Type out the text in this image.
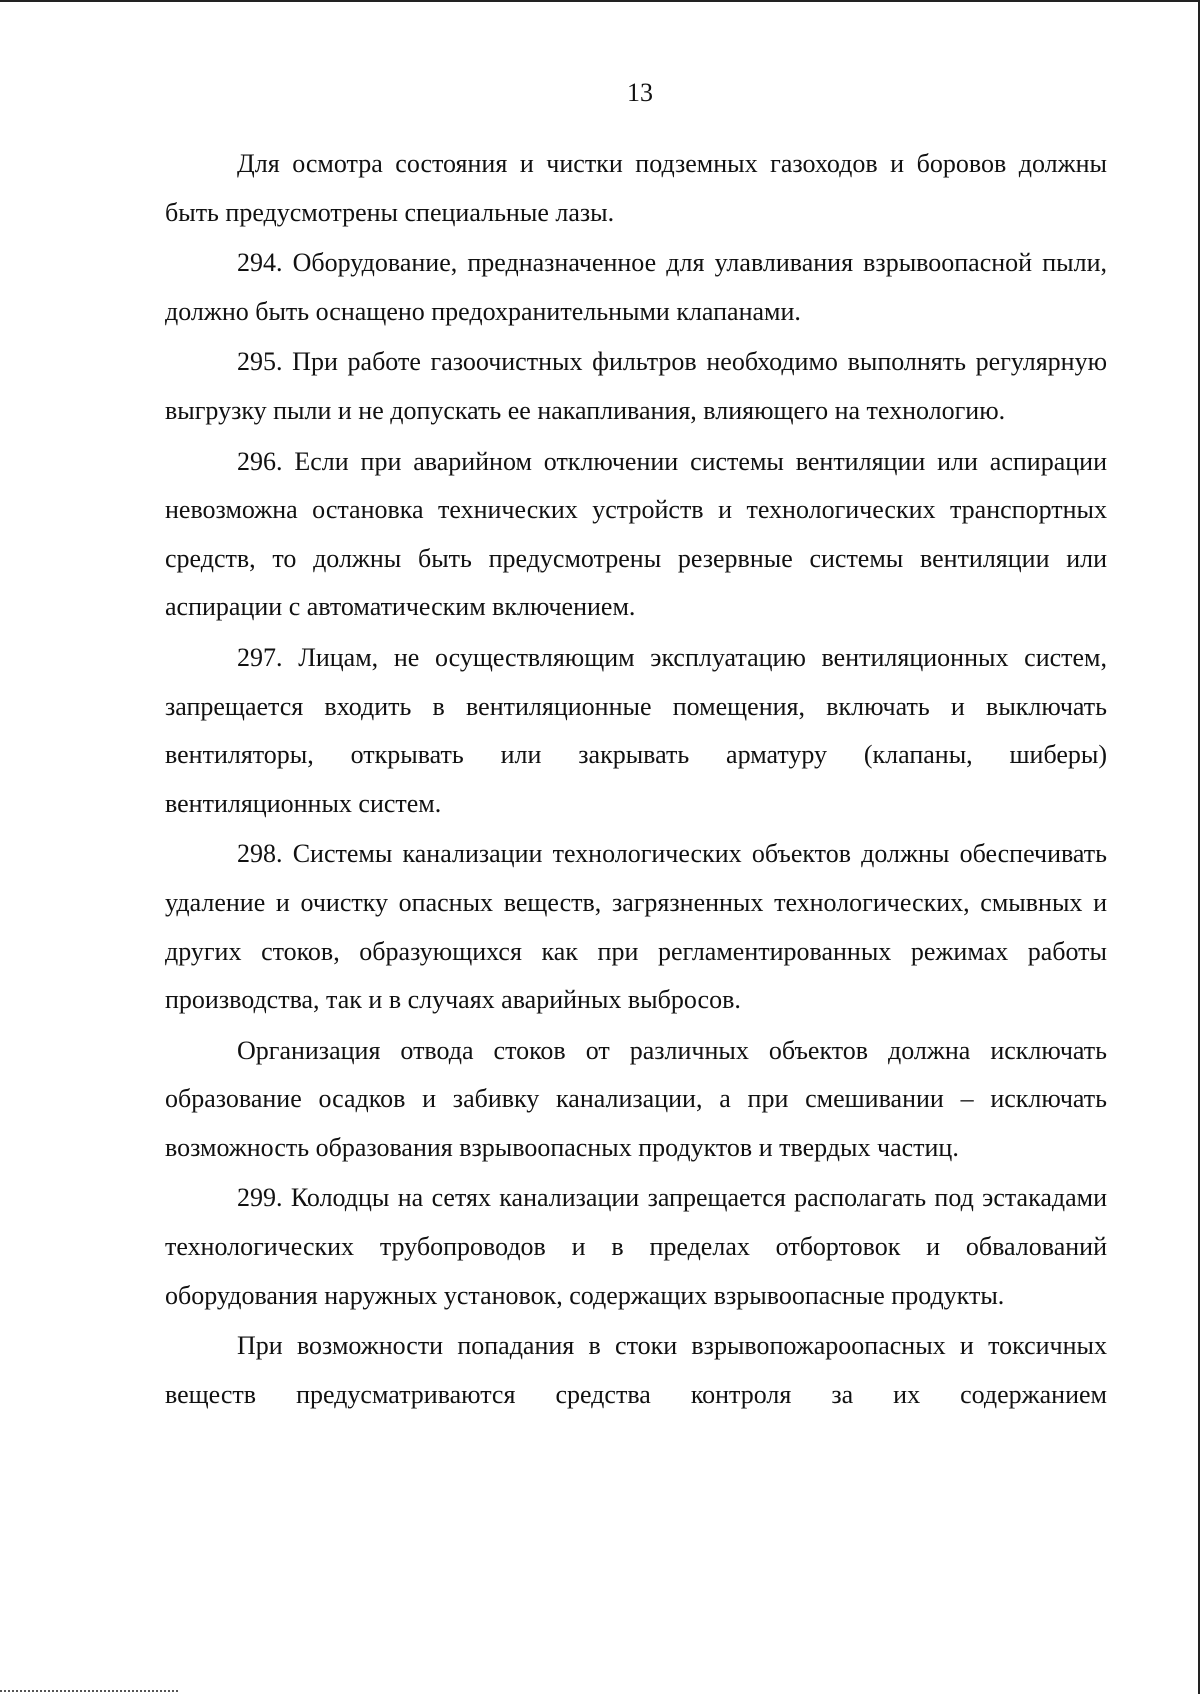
13

Для осмотра состояния и чистки подземных газоходов и боровов должны быть предусмотрены специальные лазы.

294. Оборудование, предназначенное для улавливания взрывоопасной пыли, должно быть оснащено предохранительными клапанами.

295. При работе газоочистных фильтров необходимо выполнять регулярную выгрузку пыли и не допускать ее накапливания, влияющего на технологию.

296. Если при аварийном отключении системы вентиляции или аспирации невозможна остановка технических устройств и технологических транспортных средств, то должны быть предусмотрены резервные системы вентиляции или аспирации с автоматическим включением.

297. Лицам, не осуществляющим эксплуатацию вентиляционных систем, запрещается входить в вентиляционные помещения, включать и выключать вентиляторы, открывать или закрывать арматуру (клапаны, шиберы) вентиляционных систем.

298. Системы канализации технологических объектов должны обеспечивать удаление и очистку опасных веществ, загрязненных технологических, смывных и других стоков, образующихся как при регламентированных режимах работы производства, так и в случаях аварийных выбросов.

Организация отвода стоков от различных объектов должна исключать образование осадков и забивку канализации, а при смешивании – исключать возможность образования взрывоопасных продуктов и твердых частиц.

299. Колодцы на сетях канализации запрещается располагать под эстакадами технологических трубопроводов и в пределах отбортовок и обвалований оборудования наружных установок, содержащих взрывоопасные продукты.

При возможности попадания в стоки взрывопожароопасных и токсичных веществ предусматриваются средства контроля за их содержанием
